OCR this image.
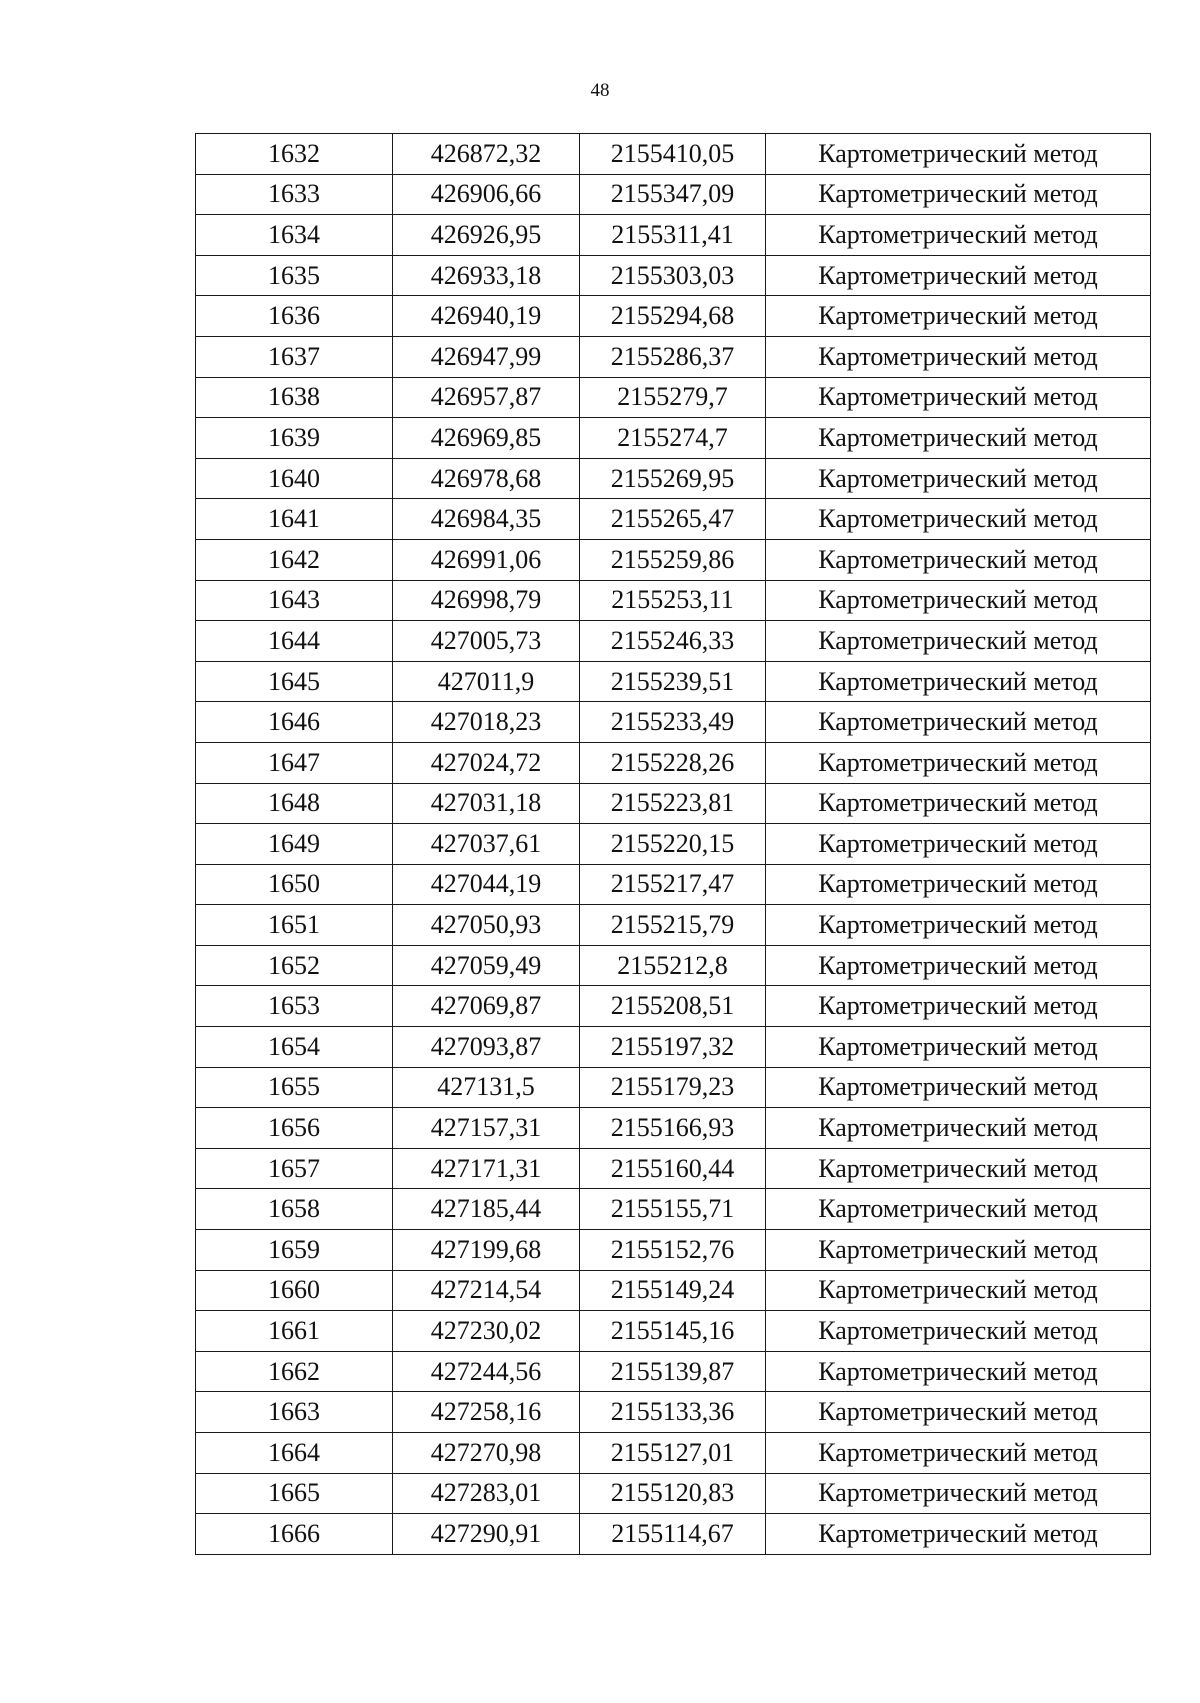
48
1632	426872,32	2155410,05	Картометрический метод
1633	426906,66	2155347,09	Картометрический метод
1634	426926,95	2155311,41	Картометрический метод
1635	426933,18	2155303,03	Картометрический метод
1636	426940,19	2155294,68	Картометрический метод
1637	426947,99	2155286,37	Картометрический метод
1638	426957,87	2155279,7	Картометрический метод
1639	426969,85	2155274,7	Картометрический метод
1640	426978,68	2155269,95	Картометрический метод
1641	426984,35	2155265,47	Картометрический метод
1642	426991,06	2155259,86	Картометрический метод
1643	426998,79	2155253,11	Картометрический метод
1644	427005,73	2155246,33	Картометрический метод
1645	427011,9	2155239,51	Картометрический метод
1646	427018,23	2155233,49	Картометрический метод
1647	427024,72	2155228,26	Картометрический метод
1648	427031,18	2155223,81	Картометрический метод
1649	427037,61	2155220,15	Картометрический метод
1650	427044,19	2155217,47	Картометрический метод
1651	427050,93	2155215,79	Картометрический метод
1652	427059,49	2155212,8	Картометрический метод
1653	427069,87	2155208,51	Картометрический метод
1654	427093,87	2155197,32	Картометрический метод
1655	427131,5	2155179,23	Картометрический метод
1656	427157,31	2155166,93	Картометрический метод
1657	427171,31	2155160,44	Картометрический метод
1658	427185,44	2155155,71	Картометрический метод
1659	427199,68	2155152,76	Картометрический метод
1660	427214,54	2155149,24	Картометрический метод
1661	427230,02	2155145,16	Картометрический метод
1662	427244,56	2155139,87	Картометрический метод
1663	427258,16	2155133,36	Картометрический метод
1664	427270,98	2155127,01	Картометрический метод
1665	427283,01	2155120,83	Картометрический метод
1666	427290,91	2155114,67	Картометрический метод
